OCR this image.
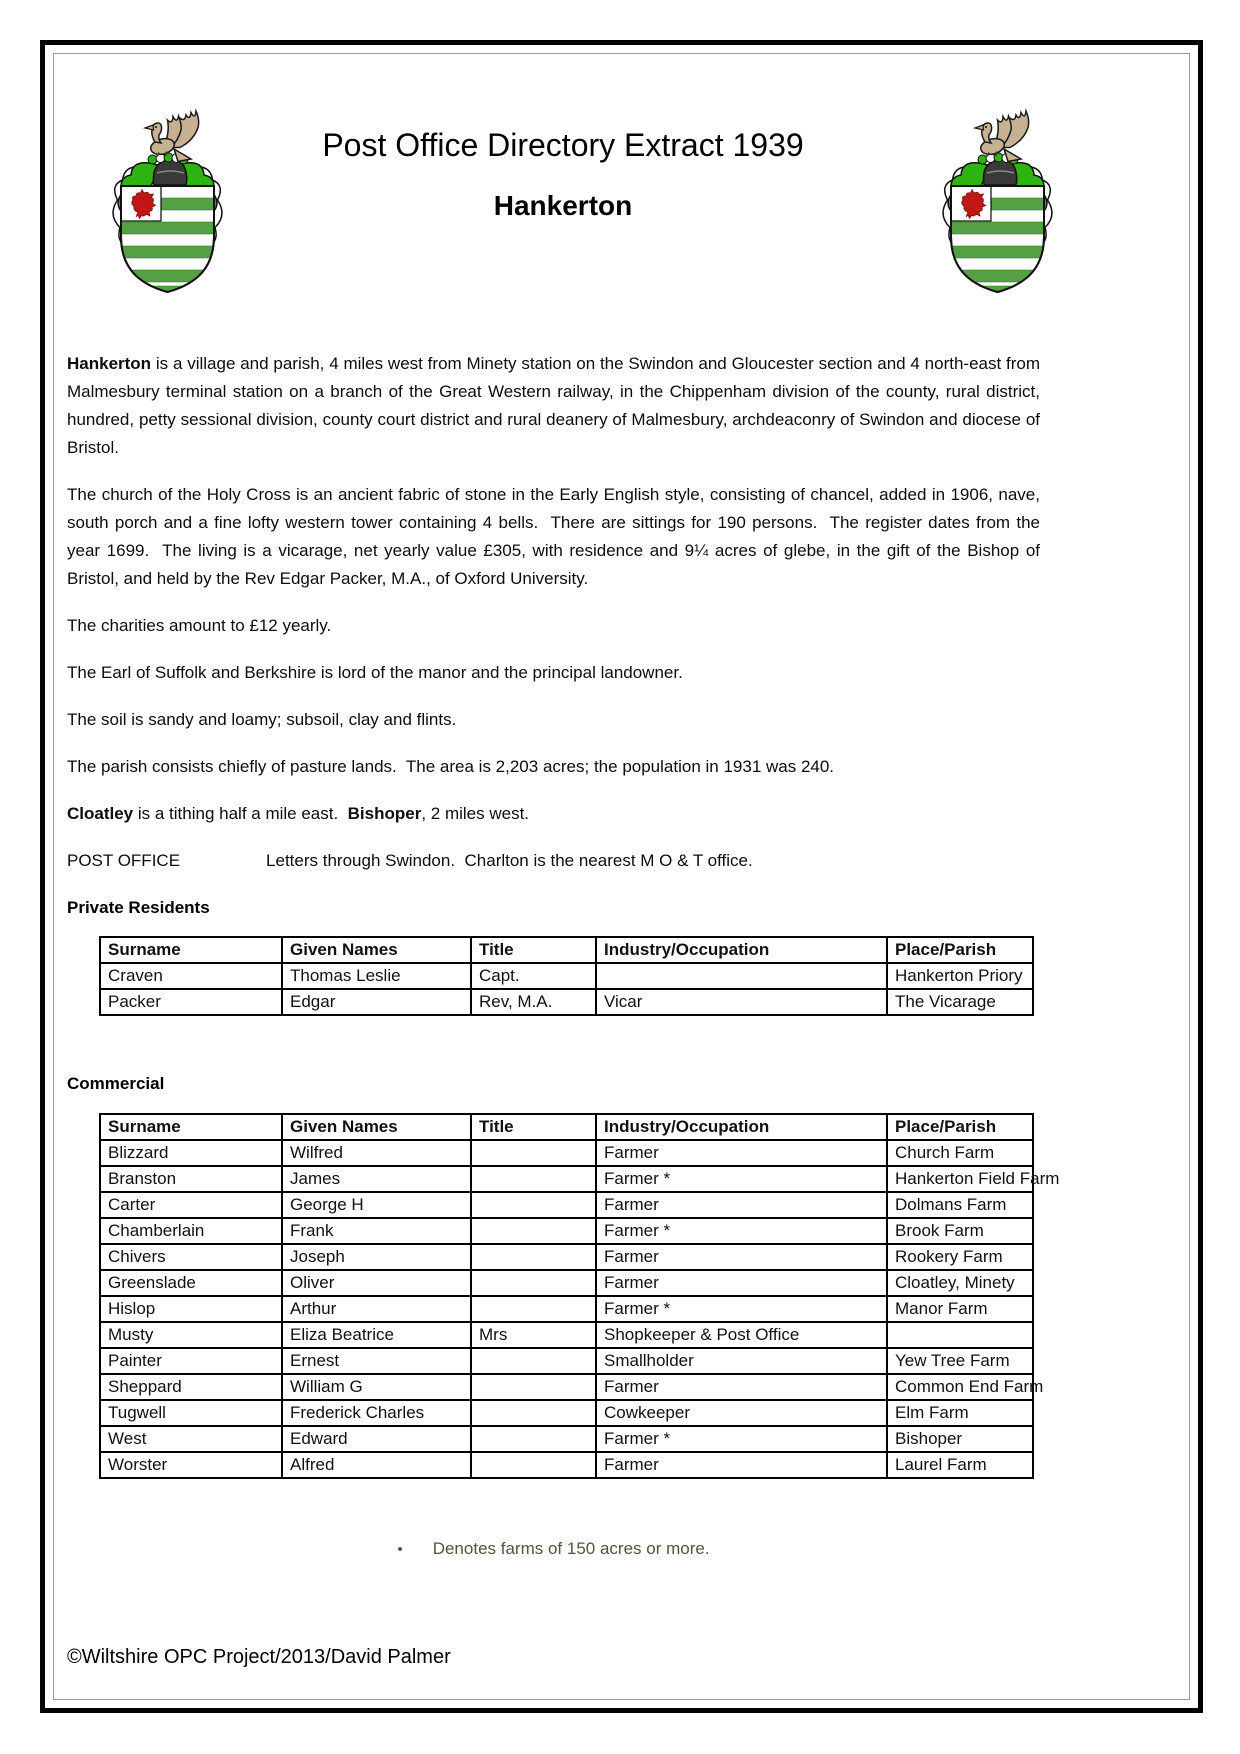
Post Office Directory Extract 1939
Hankerton

Hankerton is a village and parish, 4 miles west from Minety station on the Swindon and Gloucester section and 4 north-east from Malmesbury terminal station on a branch of the Great Western railway, in the Chippenham division of the county, rural district, hundred, petty sessional division, county court district and rural deanery of Malmesbury, archdeaconry of Swindon and diocese of Bristol.

The church of the Holy Cross is an ancient fabric of stone in the Early English style, consisting of chancel, added in 1906, nave, south porch and a fine lofty western tower containing 4 bells.  There are sittings for 190 persons.  The register dates from the year 1699.  The living is a vicarage, net yearly value £305, with residence and 9¼ acres of glebe, in the gift of the Bishop of Bristol, and held by the Rev Edgar Packer, M.A., of Oxford University.

The charities amount to £12 yearly.

The Earl of Suffolk and Berkshire is lord of the manor and the principal landowner.

The soil is sandy and loamy; subsoil, clay and flints.

The parish consists chiefly of pasture lands.  The area is 2,203 acres; the population in 1931 was 240.

Cloatley is a tithing half a mile east.  Bishoper, 2 miles west.

POST OFFICE	Letters through Swindon.  Charlton is the nearest M O & T office.

Private Residents
Surname	Given Names	Title	Industry/Occupation	Place/Parish
Craven	Thomas Leslie	Capt.		Hankerton Priory
Packer	Edgar	Rev, M.A.	Vicar	The Vicarage
Commercial
Surname	Given Names	Title	Industry/Occupation	Place/Parish
Blizzard	Wilfred		Farmer	Church Farm
Branston	James		Farmer *	Hankerton Field Farm
Carter	George H		Farmer	Dolmans Farm
Chamberlain	Frank		Farmer *	Brook Farm
Chivers	Joseph		Farmer	Rookery Farm
Greenslade	Oliver		Farmer	Cloatley, Minety
Hislop	Arthur		Farmer *	Manor Farm
Musty	Eliza Beatrice	Mrs	Shopkeeper & Post Office	
Painter	Ernest		Smallholder	Yew Tree Farm
Sheppard	William G		Farmer	Common End Farm
Tugwell	Frederick Charles		Cowkeeper	Elm Farm
West	Edward		Farmer *	Bishoper
Worster	Alfred		Farmer	Laurel Farm
• Denotes farms of 150 acres or more.
©Wiltshire OPC Project/2013/David Palmer
